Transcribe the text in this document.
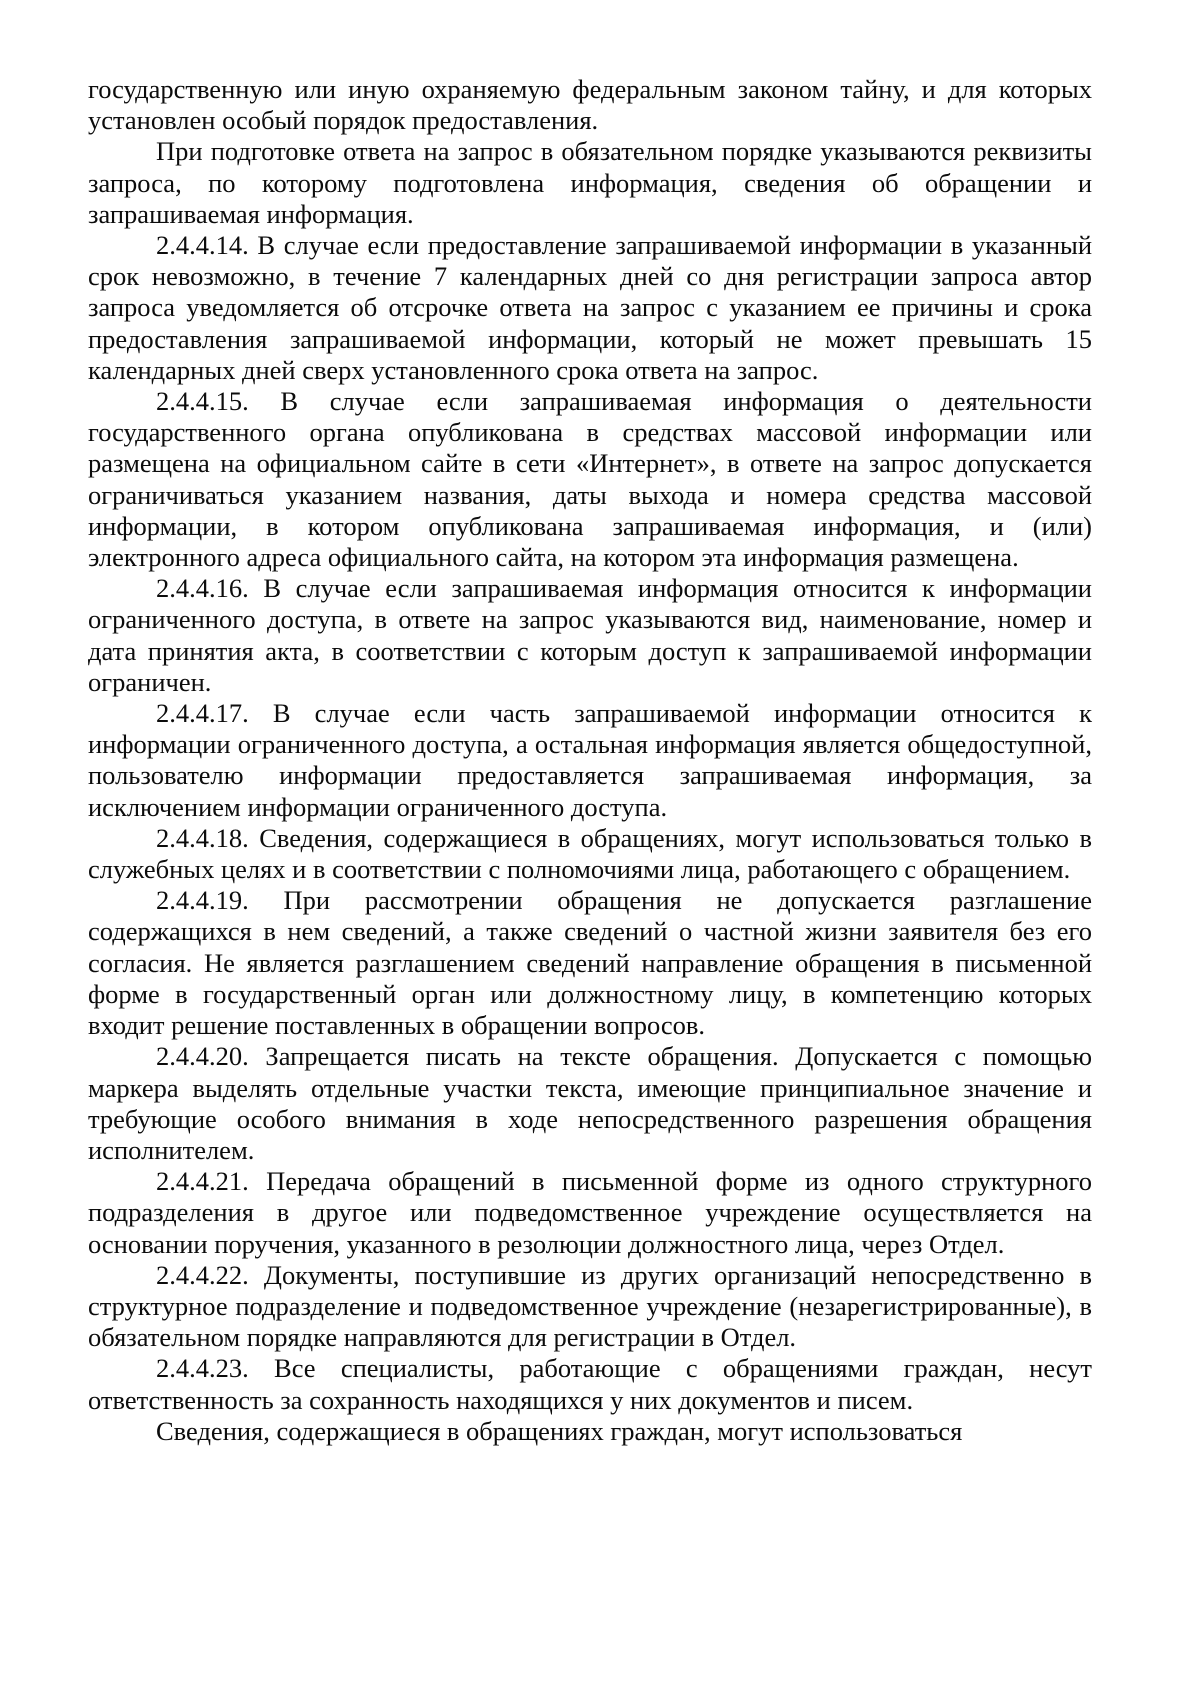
государственную или иную охраняемую федеральным законом тайну, и для которых установлен особый порядок предоставления.

При подготовке ответа на запрос в обязательном порядке указываются реквизиты запроса, по которому подготовлена информация, сведения об обращении и запрашиваемая информация.

2.4.4.14. В случае если предоставление запрашиваемой информации в указанный срок невозможно, в течение 7 календарных дней со дня регистрации запроса автор запроса уведомляется об отсрочке ответа на запрос с указанием ее причины и срока предоставления запрашиваемой информации, который не может превышать 15 календарных дней сверх установленного срока ответа на запрос.

2.4.4.15. В случае если запрашиваемая информация о деятельности государственного органа опубликована в средствах массовой информации или размещена на официальном сайте в сети «Интернет», в ответе на запрос допускается ограничиваться указанием названия, даты выхода и номера средства массовой информации, в котором опубликована запрашиваемая информация, и (или) электронного адреса официального сайта, на котором эта информация размещена.

2.4.4.16. В случае если запрашиваемая информация относится к информации ограниченного доступа, в ответе на запрос указываются вид, наименование, номер и дата принятия акта, в соответствии с которым доступ к запрашиваемой информации ограничен.

2.4.4.17. В случае если часть запрашиваемой информации относится к информации ограниченного доступа, а остальная информация является общедоступной, пользователю информации предоставляется запрашиваемая информация, за исключением информации ограниченного доступа.

2.4.4.18. Сведения, содержащиеся в обращениях, могут использоваться только в служебных целях и в соответствии с полномочиями лица, работающего с обращением.

2.4.4.19. При рассмотрении обращения не допускается разглашение содержащихся в нем сведений, а также сведений о частной жизни заявителя без его согласия. Не является разглашением сведений направление обращения в письменной форме в государственный орган или должностному лицу, в компетенцию которых входит решение поставленных в обращении вопросов.

2.4.4.20. Запрещается писать на тексте обращения. Допускается с помощью маркера выделять отдельные участки текста, имеющие принципиальное значение и требующие особого внимания в ходе непосредственного разрешения обращения исполнителем.

2.4.4.21. Передача обращений в письменной форме из одного структурного подразделения в другое или подведомственное учреждение осуществляется на основании поручения, указанного в резолюции должностного лица, через Отдел.

2.4.4.22. Документы, поступившие из других организаций непосредственно в структурное подразделение и подведомственное учреждение (незарегистрированные), в обязательном порядке направляются для регистрации в Отдел.

2.4.4.23. Все специалисты, работающие с обращениями граждан, несут ответственность за сохранность находящихся у них документов и писем.

Сведения, содержащиеся в обращениях граждан, могут использоваться
